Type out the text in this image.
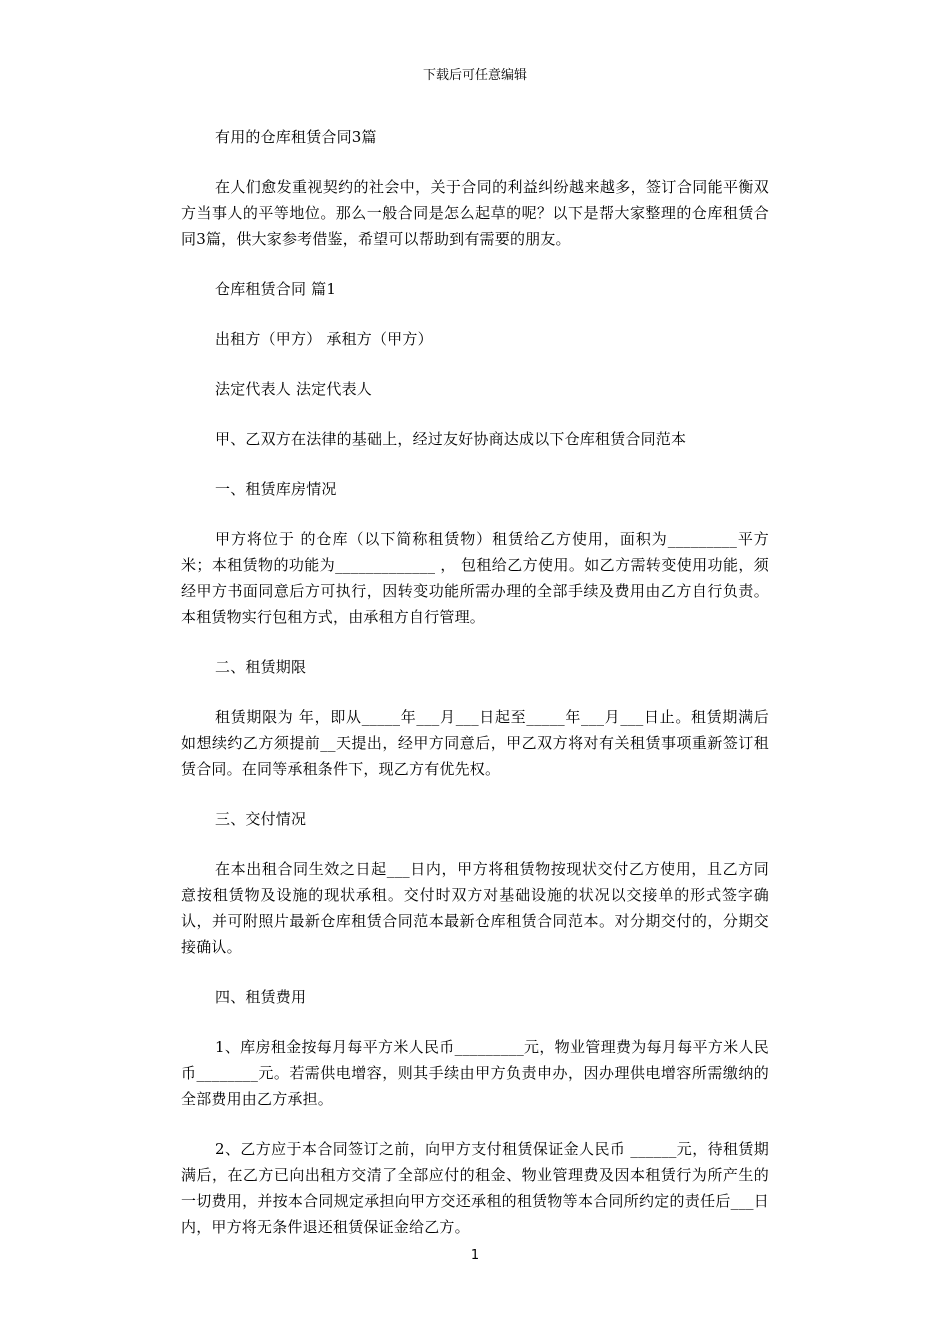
下载后可任意编辑

有用的仓库租赁合同3篇

在人们愈发重视契约的社会中，关于合同的利益纠纷越来越多，签订合同能平衡双方当事人的平等地位。那么一般合同是怎么起草的呢？以下是帮大家整理的仓库租赁合同3篇，供大家参考借鉴，希望可以帮助到有需要的朋友。

仓库租赁合同 篇1

出租方（甲方） 承租方（甲方）

法定代表人 法定代表人

甲、乙双方在法律的基础上，经过友好协商达成以下仓库租赁合同范本

一、租赁库房情况

甲方将位于 的仓库（以下简称租赁物）租赁给乙方使用，面积为_________平方米；本租赁物的功能为_____________ ， 包租给乙方使用。如乙方需转变使用功能，须经甲方书面同意后方可执行，因转变功能所需办理的全部手续及费用由乙方自行负责。本租赁物实行包租方式，由承租方自行管理。

二、租赁期限

租赁期限为 年，即从_____年___月___日起至_____年___月___日止。租赁期满后如想续约乙方须提前__天提出，经甲方同意后，甲乙双方将对有关租赁事项重新签订租赁合同。在同等承租条件下，现乙方有优先权。

三、交付情况

在本出租合同生效之日起___日内，甲方将租赁物按现状交付乙方使用，且乙方同意按租赁物及设施的现状承租。交付时双方对基础设施的状况以交接单的形式签字确认，并可附照片最新仓库租赁合同范本最新仓库租赁合同范本。对分期交付的，分期交接确认。

四、租赁费用

1、库房租金按每月每平方米人民币_________元，物业管理费为每月每平方米人民币________元。若需供电增容，则其手续由甲方负责申办，因办理供电增容所需缴纳的全部费用由乙方承担。

2、乙方应于本合同签订之前，向甲方支付租赁保证金人民币 ______元，待租赁期满后，在乙方已向出租方交清了全部应付的租金、物业管理费及因本租赁行为所产生的一切费用，并按本合同规定承担向甲方交还承租的租赁物等本合同所约定的责任后___日内，甲方将无条件退还租赁保证金给乙方。

1
